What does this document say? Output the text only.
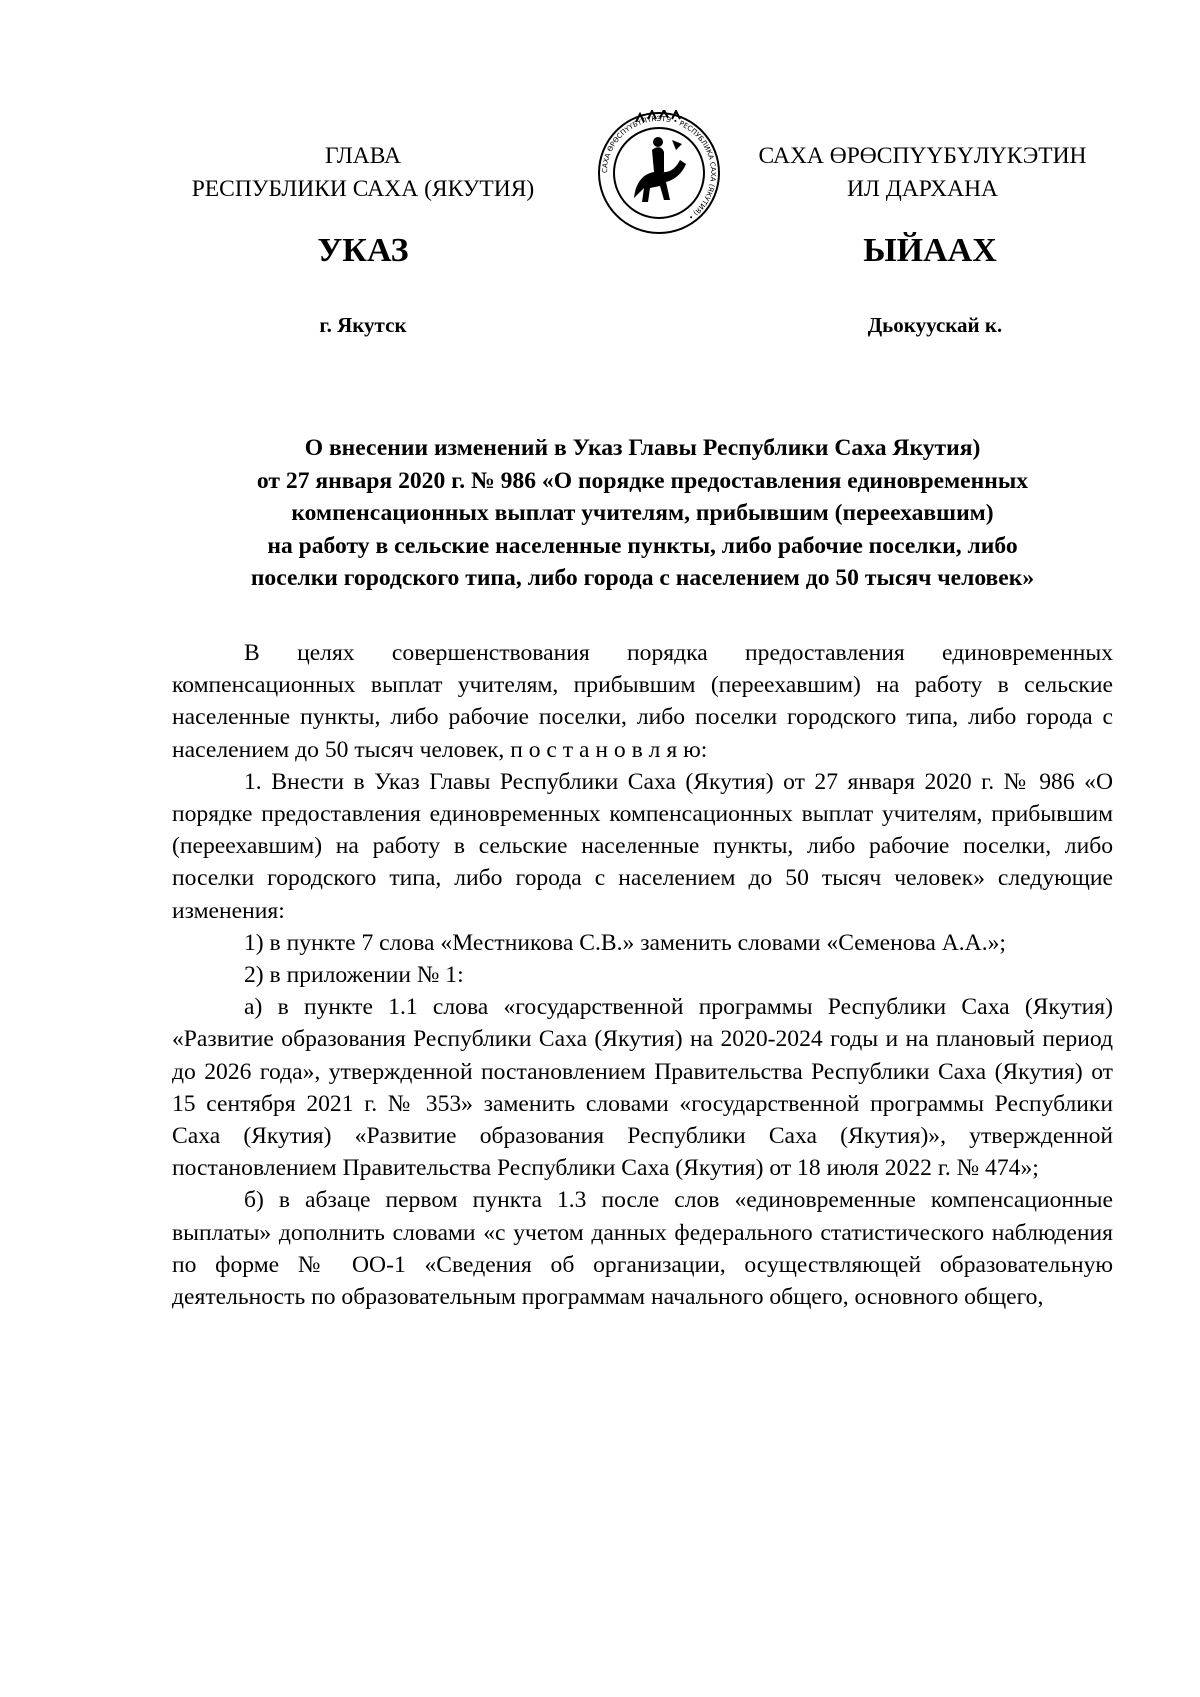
ГЛАВА
РЕСПУБЛИКИ САХА (ЯКУТИЯ)
САХА ӨРӨСПҮҮБҮЛҮКЭТЭ • РЕСПУБЛИКА САХА (ЯКУТИЯ) •
САХА ӨРӨСПҮҮБҮЛҮКЭТИН
ИЛ ДАРХАНА
УКАЗ	ЫЙААХ
г. Якутск	Дьокуускай к.
О внесении изменений в Указ Главы Республики Саха Якутия)
от 27 января 2020 г. № 986 «О порядке предоставления единовременных
компенсационных выплат учителям, прибывшим (переехавшим)
на работу в сельские населенные пункты, либо рабочие поселки, либо
поселки городского типа, либо города с населением до 50 тысяч человек»

В целях совершенствования порядка предоставления единовременных компенсационных выплат учителям, прибывшим (переехавшим) на работу в сельские населенные пункты, либо рабочие поселки, либо поселки городского типа, либо города с населением до 50 тысяч человек, п о с т а н о в л я ю:

1. Внести в Указ Главы Республики Саха (Якутия) от 27 января 2020 г. № 986 «О порядке предоставления единовременных компенсационных выплат учителям, прибывшим (переехавшим) на работу в сельские населенные пункты, либо рабочие поселки, либо поселки городского типа, либо города с населением до 50 тысяч человек» следующие изменения:

1) в пункте 7 слова «Местникова С.В.» заменить словами «Семенова А.А.»;

2) в приложении № 1:

а) в пункте 1.1 слова «государственной программы Республики Саха (Якутия) «Развитие образования Республики Саха (Якутия) на 2020-2024 годы и на плановый период до 2026 года», утвержденной постановлением Правительства Республики Саха (Якутия) от 15 сентября 2021 г. № 353» заменить словами «государственной программы Республики Саха (Якутия) «Развитие образования Республики Саха (Якутия)», утвержденной постановлением Правительства Республики Саха (Якутия) от 18 июля 2022 г. № 474»;

б) в абзаце первом пункта 1.3 после слов «единовременные компенсационные выплаты» дополнить словами «с учетом данных федерального статистического наблюдения по форме № ОО-1 «Сведения об организации, осуществляющей образовательную деятельность по образовательным программам начального общего, основного общего,
